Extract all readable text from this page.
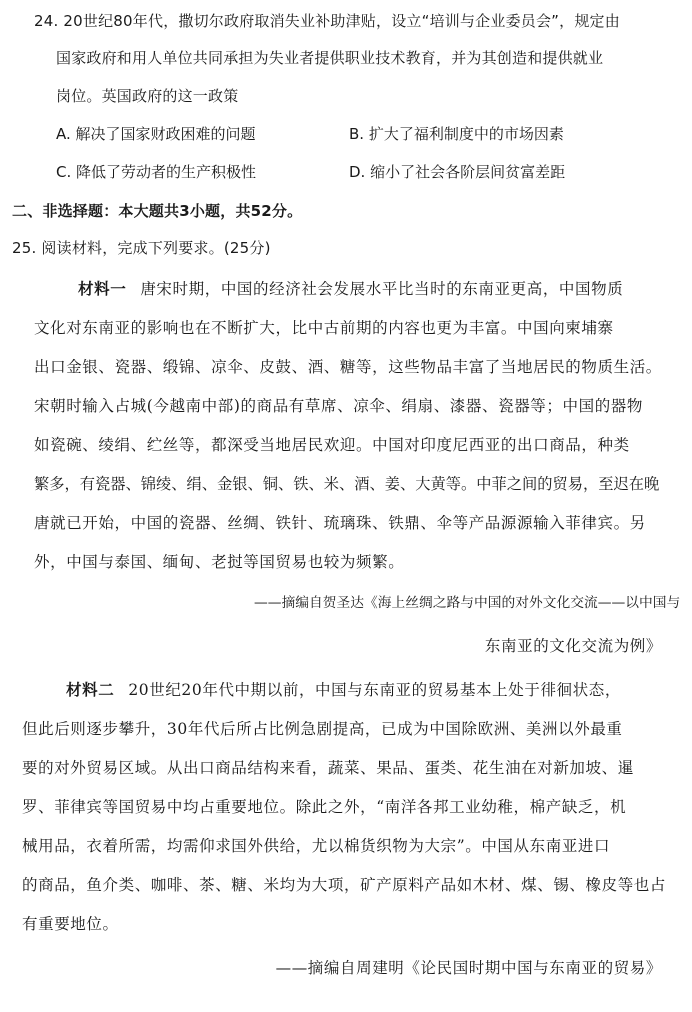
24. 20世纪80年代，撒切尔政府取消失业补助津贴，设立“培训与企业委员会”，规定由
国家政府和用人单位共同承担为失业者提供职业技术教育，并为其创造和提供就业
岗位。英国政府的这一政策
A. 解决了国家财政困难的问题	B. 扩大了福利制度中的市场因素
C. 降低了劳动者的生产积极性	D. 缩小了社会各阶层间贫富差距
二、非选择题：本大题共3小题，共52分。
25. 阅读材料，完成下列要求。(25分)
材料一 唐宋时期，中国的经济社会发展水平比当时的东南亚更高，中国物质
文化对东南亚的影响也在不断扩大，比中古前期的内容也更为丰富。中国向柬埔寨
出口金银、瓷器、缎锦、凉伞、皮鼓、酒、糖等，这些物品丰富了当地居民的物质生活。
宋朝时输入占城(今越南中部)的商品有草席、凉伞、绢扇、漆器、瓷器等；中国的器物
如瓷碗、绫绢、纻丝等，都深受当地居民欢迎。中国对印度尼西亚的出口商品，种类
繁多，有瓷器、锦绫、绢、金银、铜、铁、米、酒、姜、大黄等。中菲之间的贸易，至迟在晚
唐就已开始，中国的瓷器、丝绸、铁针、琉璃珠、铁鼎、伞等产品源源输入菲律宾。另
外，中国与泰国、缅甸、老挝等国贸易也较为频繁。
——摘编自贺圣达《海上丝绸之路与中国的对外文化交流——以中国与
东南亚的文化交流为例》
材料二 20世纪20年代中期以前，中国与东南亚的贸易基本上处于徘徊状态，
但此后则逐步攀升，30年代后所占比例急剧提高，已成为中国除欧洲、美洲以外最重
要的对外贸易区域。从出口商品结构来看，蔬菜、果品、蛋类、花生油在对新加坡、暹
罗、菲律宾等国贸易中均占重要地位。除此之外，“南洋各邦工业幼稚，棉产缺乏，机
械用品，衣着所需，均需仰求国外供给，尤以棉货织物为大宗”。中国从东南亚进口
的商品，鱼介类、咖啡、茶、糖、米均为大项，矿产原料产品如木材、煤、锡、橡皮等也占
有重要地位。
——摘编自周建明《论民国时期中国与东南亚的贸易》
